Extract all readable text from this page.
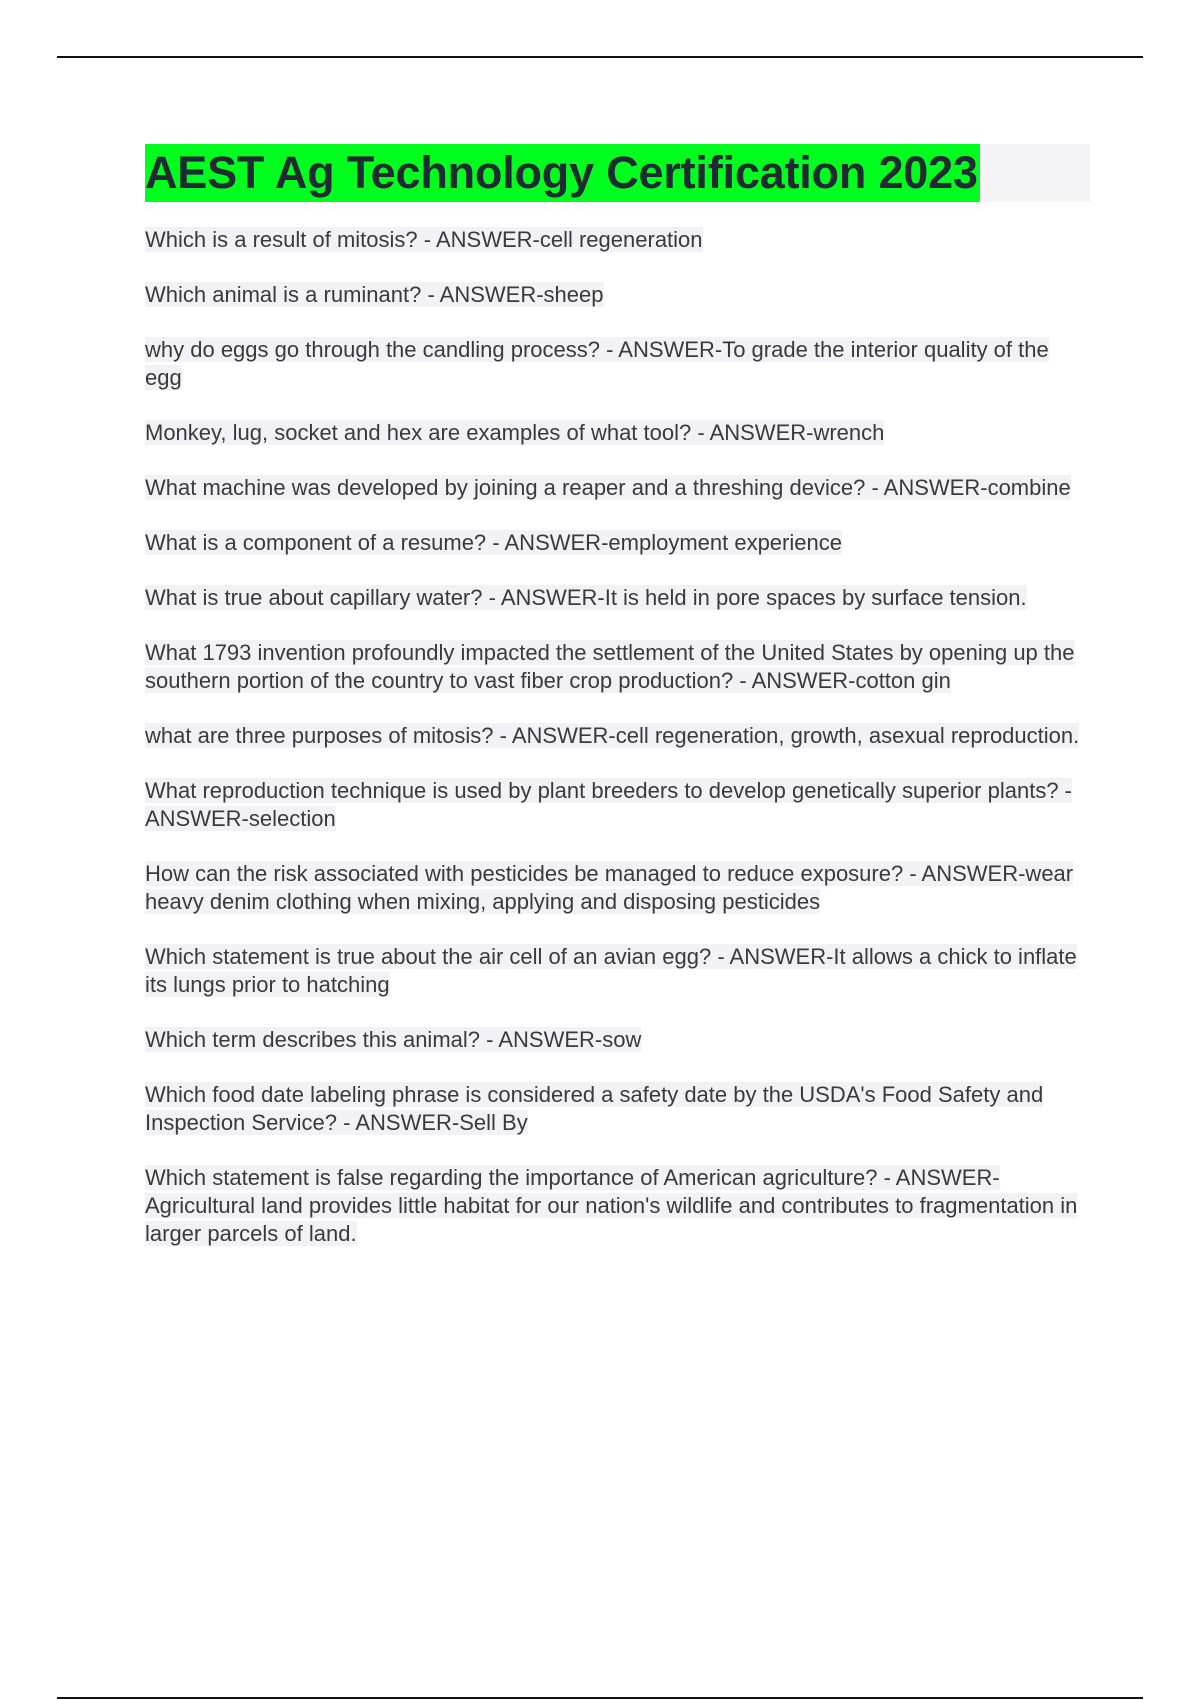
AEST Ag Technology Certification 2023

Which is a result of mitosis? - ANSWER-cell regeneration

Which animal is a ruminant? - ANSWER-sheep

why do eggs go through the candling process? - ANSWER-To grade the interior quality of the egg

Monkey, lug, socket and hex are examples of what tool? - ANSWER-wrench

What machine was developed by joining a reaper and a threshing device? - ANSWER-combine

What is a component of a resume? - ANSWER-employment experience

What is true about capillary water? - ANSWER-It is held in pore spaces by surface tension.

What 1793 invention profoundly impacted the settlement of the United States by opening up the southern portion of the country to vast fiber crop production? - ANSWER-cotton gin

what are three purposes of mitosis? - ANSWER-cell regeneration, growth, asexual reproduction.

What reproduction technique is used by plant breeders to develop genetically superior plants? - ANSWER-selection

How can the risk associated with pesticides be managed to reduce exposure? - ANSWER-wear heavy denim clothing when mixing, applying and disposing pesticides

Which statement is true about the air cell of an avian egg? - ANSWER-It allows a chick to inflate its lungs prior to hatching

Which term describes this animal? - ANSWER-sow

Which food date labeling phrase is considered a safety date by the USDA's Food Safety and Inspection Service? - ANSWER-Sell By

Which statement is false regarding the importance of American agriculture? - ANSWER-Agricultural land provides little habitat for our nation's wildlife and contributes to fragmentation in larger parcels of land.
